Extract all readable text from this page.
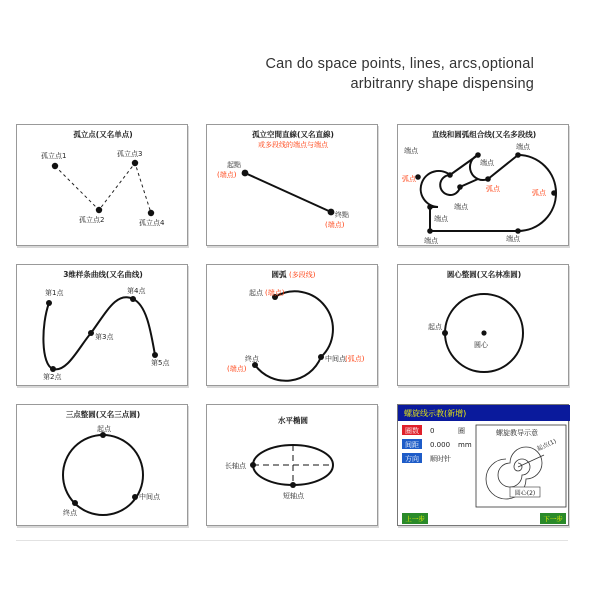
Can do space points, lines, arcs,optional
arbitranry shape dispensing
孤立点(又名单点)
孤立点1
孤立点2
孤立点3
孤立点4
孤立空間直線(又名直線)
或多段线的端点与端点
起點
(端点)
终點
(端点)
直线和圆弧组合线(又名多段线)
端点
端点
端点
端点
端点
端点	端点
弧点
弧点	弧点
3维样条曲线(又名曲线)
第1点
第2点
第3点
第4点
第5点
圆弧 (多段线)
起点 (端点)
中间点 (弧点)
终点
(端点)
圆心整圆(又名林准圆)
起点
圆心
三点整圆(又名三点圆)
起点
中间点
终点
水平椭圆
长轴点
短轴点
螺旋线示教(新增)
圈数 0	圈
间距 0.000 mm
方向 顺时针
螺旋教导示意
起点(1)
圆心(2)
上一步	下一步
